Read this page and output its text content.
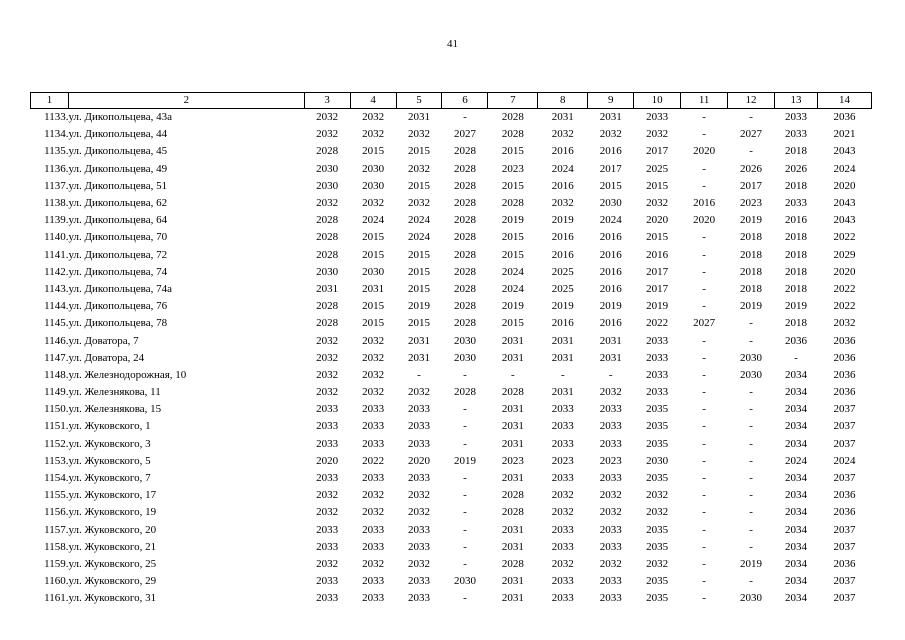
41
1	2	3	4	5	6	7	8	9	10	11	12	13	14
1133.	ул. Дикопольцева, 43а	2032	2032	2031	-	2028	2031	2031	2033	-	-	2033	2036
1134.	ул. Дикопольцева, 44	2032	2032	2032	2027	2028	2032	2032	2032	-	2027	2033	2021
1135.	ул. Дикопольцева, 45	2028	2015	2015	2028	2015	2016	2016	2017	2020	-	2018	2043
1136.	ул. Дикопольцева, 49	2030	2030	2032	2028	2023	2024	2017	2025	-	2026	2026	2024
1137.	ул. Дикопольцева, 51	2030	2030	2015	2028	2015	2016	2015	2015	-	2017	2018	2020
1138.	ул. Дикопольцева, 62	2032	2032	2032	2028	2028	2032	2030	2032	2016	2023	2033	2043
1139.	ул. Дикопольцева, 64	2028	2024	2024	2028	2019	2019	2024	2020	2020	2019	2016	2043
1140.	ул. Дикопольцева, 70	2028	2015	2024	2028	2015	2016	2016	2015	-	2018	2018	2022
1141.	ул. Дикопольцева, 72	2028	2015	2015	2028	2015	2016	2016	2016	-	2018	2018	2029
1142.	ул. Дикопольцева, 74	2030	2030	2015	2028	2024	2025	2016	2017	-	2018	2018	2020
1143.	ул. Дикопольцева, 74а	2031	2031	2015	2028	2024	2025	2016	2017	-	2018	2018	2022
1144.	ул. Дикопольцева, 76	2028	2015	2019	2028	2019	2019	2019	2019	-	2019	2019	2022
1145.	ул. Дикопольцева, 78	2028	2015	2015	2028	2015	2016	2016	2022	2027	-	2018	2032
1146.	ул. Доватора, 7	2032	2032	2031	2030	2031	2031	2031	2033	-	-	2036	2036
1147.	ул. Доватора, 24	2032	2032	2031	2030	2031	2031	2031	2033	-	2030	-	2036
1148.	ул. Железнодорожная, 10	2032	2032	-	-	-	-	-	2033	-	2030	2034	2036
1149.	ул. Железнякова, 11	2032	2032	2032	2028	2028	2031	2032	2033	-	-	2034	2036
1150.	ул. Железнякова, 15	2033	2033	2033	-	2031	2033	2033	2035	-	-	2034	2037
1151.	ул. Жуковского, 1	2033	2033	2033	-	2031	2033	2033	2035	-	-	2034	2037
1152.	ул. Жуковского, 3	2033	2033	2033	-	2031	2033	2033	2035	-	-	2034	2037
1153.	ул. Жуковского, 5	2020	2022	2020	2019	2023	2023	2023	2030	-	-	2024	2024
1154.	ул. Жуковского, 7	2033	2033	2033	-	2031	2033	2033	2035	-	-	2034	2037
1155.	ул. Жуковского, 17	2032	2032	2032	-	2028	2032	2032	2032	-	-	2034	2036
1156.	ул. Жуковского, 19	2032	2032	2032	-	2028	2032	2032	2032	-	-	2034	2036
1157.	ул. Жуковского, 20	2033	2033	2033	-	2031	2033	2033	2035	-	-	2034	2037
1158.	ул. Жуковского, 21	2033	2033	2033	-	2031	2033	2033	2035	-	-	2034	2037
1159.	ул. Жуковского, 25	2032	2032	2032	-	2028	2032	2032	2032	-	2019	2034	2036
1160.	ул. Жуковского, 29	2033	2033	2033	2030	2031	2033	2033	2035	-	-	2034	2037
1161.	ул. Жуковского, 31	2033	2033	2033	-	2031	2033	2033	2035	-	2030	2034	2037
